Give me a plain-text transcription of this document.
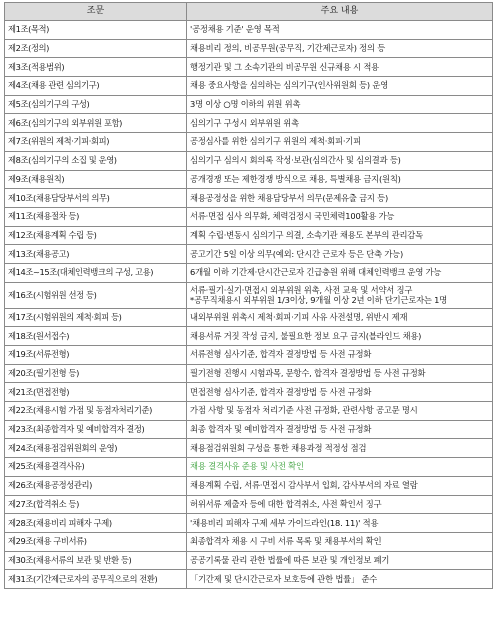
조문	주요 내용
제1조(목적)	'공정채용 기준' 운영 목적
제2조(정의)	채용비리 정의, 비공무원(공무직, 기간제근로자) 정의 등
제3조(적용범위)	행정기관 및 그 소속기관의 비공무원 신규채용 시 적용
제4조(채용 관련 심의기구)	채용 중요사항을 심의하는 심의기구(인사위원회 등) 운영
제5조(심의기구의 구성)	3명 이상 ○명 이하의 위원 위촉
제6조(심의기구의 외부위원 포함)	심의기구 구성시 외부위원 위촉
제7조(위원의 제척·기피·회피)	공정심사를 위한 심의기구 위원의 제척·회피·기피
제8조(심의기구의 소집 및 운영)	심의기구 심의시 회의록 작성·보관(심의간사 및 심의결과 등)
제9조(채용원칙)	공개경쟁 또는 제한경쟁 방식으로 채용, 특별채용 금지(원칙)
제10조(채용담당부서의 의무)	채용공정성을 위한 채용담당부서 의무(문제유출 금지 등)
제11조(채용절차 등)	서류·면접 심사 의무화, 체력검정시 국민체력100활용 가능
제12조(채용계획 수립 등)	계획 수립·변동시 심의기구 의결, 소속기관 채용도 본부의 관리감독
제13조(채용공고)	공고기간 5일 이상 의무(예외: 단시간 근로자 등은 단축 가능)
제14조~15조(대체인력뱅크의 구성, 고용)	6개월 이하 기간제·단시간근로자 긴급충원 위해 대체인력뱅크 운영 가능
제16조(시험위원 선정 등)	서류·필기·실기·면접시 외부위원 위촉, 사전 교육 및 서약서 징구
*공무직채용시 외부위원 1/3이상, 9개월 이상 2년 이하 단기근로자는 1명
제17조(시험위원의 제척·회피 등)	내외부위원 위촉시 제척·회피·기피 사유 사전설명, 위반시 제재
제18조(원서접수)	채용서류 거짓 작성 금지, 불필요한 정보 요구 금지(블라인드 채용)
제19조(서류전형)	서류전형 심사기준, 합격자 결정방법 등 사전 규정화
제20조(필기전형 등)	필기전형 진행시 시험과목, 문항수, 합격자 결정방법 등 사전 규정화
제21조(면접전형)	면접전형 심사기준, 합격자 결정방법 등 사전 규정화
제22조(채용시험 가점 및 동점자처리기준)	가점 사항 및 동점자 처리기준 사전 규정화, 관련사항 공고문 명시
제23조(최종합격자 및 예비합격자 결정)	최종 합격자 및 예비합격자 결정방법 등 사전 규정화
제24조(채용점검위원회의 운영)	채용점검위원회 구성을 통한 채용과정 적정성 점검
제25조(채용결격사유)	채용 결격사유 준용 및 사전 확인
제26조(채용공정성관리)	채용계획 수립, 서류·면접시 감사부서 입회, 감사부서의 자료 열람
제27조(합격취소 등)	허위서류 제출자 등에 대한 합격취소, 사전 확인서 징구
제28조(채용비리 피해자 구제)	'채용비리 피해자 구제 세부 가이드라인(18. 11)' 적용
제29조(채용 구비서류)	최종합격자 채용 시 구비 서류 목록 및 채용부서의 확인
제30조(채용서류의 보관 및 반환 등)	공공기록물 관리 관한 법률에 따른 보관 및 개인정보 폐기
제31조(기간제근로자의 공무직으로의 전환)	「기간제 및 단시간근로자 보호등에 관한 법률」 준수
